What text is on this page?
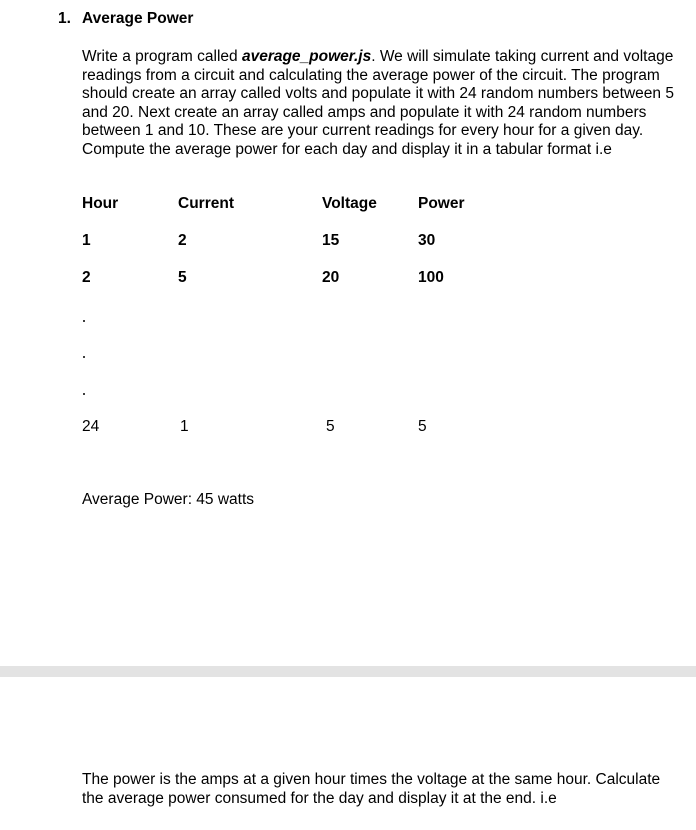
1. Average Power
Write a program called average_power.js. We will simulate taking current and voltage readings from a circuit and calculating the average power of the circuit. The program should create an array called volts and populate it with 24 random numbers between 5 and 20. Next create an array called amps and populate it with 24 random numbers between 1 and 10. These are your current readings for every hour for a given day. Compute the average power for each day and display it in a tabular format i.e
Hour	Current	Voltage	Power
1	2	15	30
2	5	20	100
24	1	5	5
Average Power: 45 watts
The power is the amps at a given hour times the voltage at the same hour. Calculate the average power consumed for the day and display it at the end. i.e
